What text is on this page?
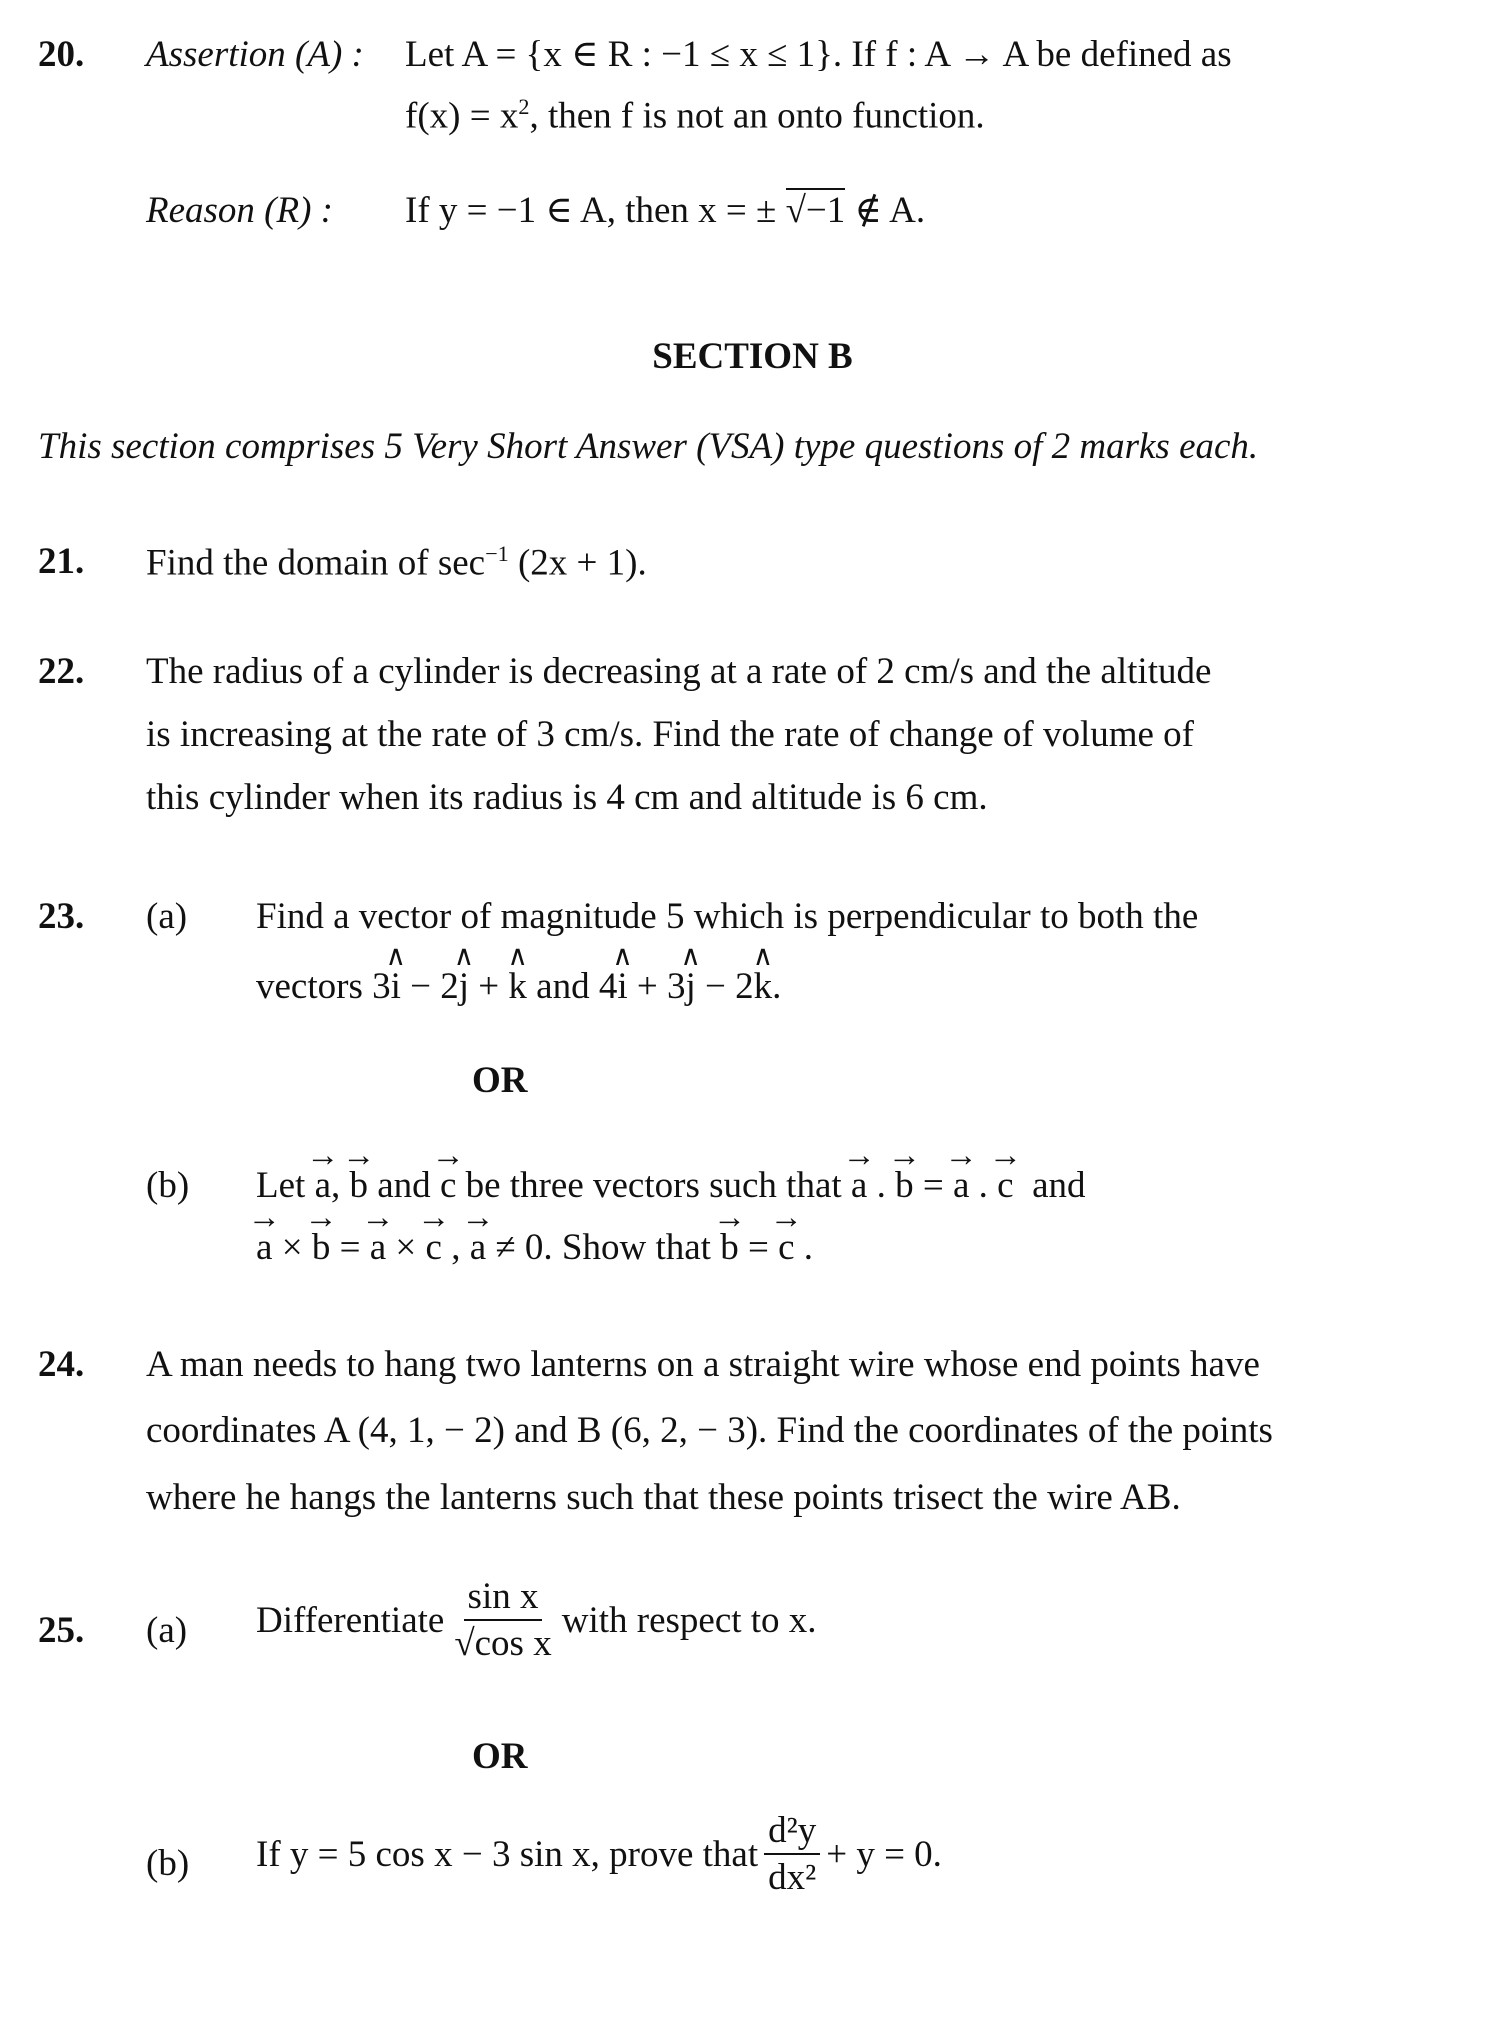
20. Assertion (A) : Let A = {x ∈ R : −1 ≤ x ≤ 1}. If f : A → A be defined as
$f(x) = x^2$, then f is not an onto function.
Reason (R) : If y = −1 ∈ A, then x = ± √−1 ∉ A.
SECTION B
This section comprises 5 Very Short Answer (VSA) type questions of 2 marks each.
21. Find the domain of $\sec^{-1} (2x + 1)$.
22. The radius of a cylinder is decreasing at a rate of 2 cm/s and the altitude
is increasing at the rate of 3 cm/s. Find the rate of change of volume of
this cylinder when its radius is 4 cm and altitude is 6 cm.
23. (a) Find a vector of magnitude 5 which is perpendicular to both the
vectors 3∧ i − 2∧ j + ∧ k and 4∧ i + 3∧ j − 2∧ k.
OR
(b) Let → a, → b and → c be three vectors such that → a . → b = → a . → c and
→ a × → b = → a × → c , → a ≠ 0. Show that → b = → c .
24. A man needs to hang two lanterns on a straight wire whose end points have
coordinates A (4, 1, − 2) and B (6, 2, − 3). Find the coordinates of the points
where he hangs the lanterns such that these points trisect the wire AB.
25. (a) Differentiate $\frac{\text{sin x}}{\text{√cos x}}$ with respect to x.
OR
(b) If y = 5 cos x − 3 sin x, prove that $\frac{\text{d²y}}{\text{dx²}} + y = 0$.
